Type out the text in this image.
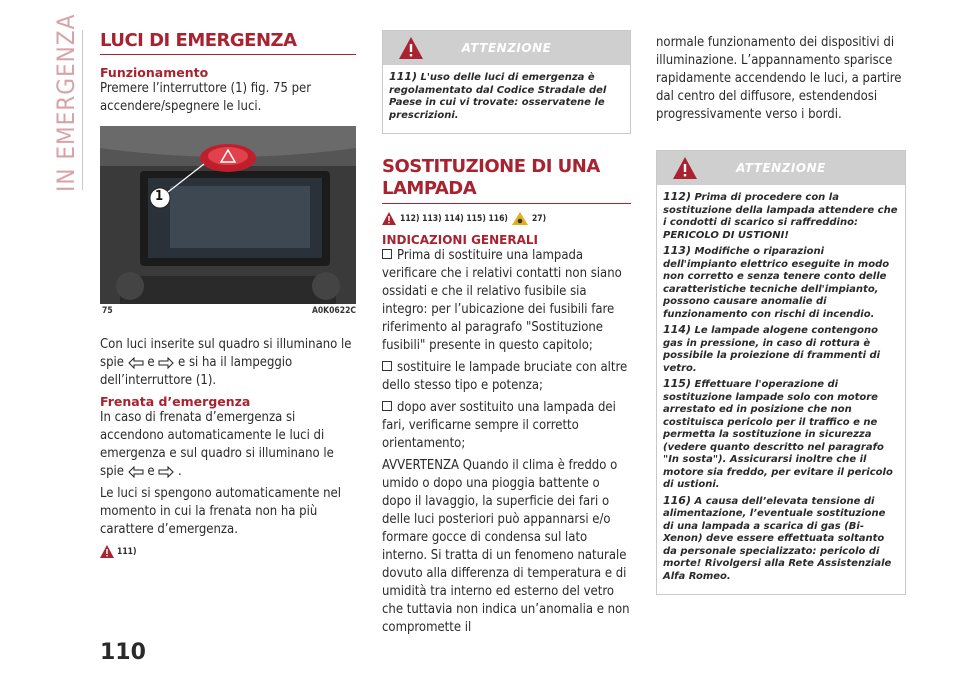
IN EMERGENZA LUCI DI EMERGENZA
Funzionamento

Premere l’interruttore (1) fig. 75 per accendere/spegnere le luci.

1
75	A0K0622C

Con luci inserite sul quadro si illuminano le spie e e si ha il lampeggio dell’interruttore (1).

Frenata d’emergenza

In caso di frenata d’emergenza si accendono automaticamente le luci di emergenza e sul quadro si illuminano le spie e .

Le luci si spengono automaticamente nel momento in cui la frenata non ha più carattere d’emergenza.

111)
ATTENZIONE

111) L'uso delle luci di emergenza è regolamentato dal Codice Stradale del Paese in cui vi trovate: osservatene le prescrizioni.

SOSTITUZIONE DI UNA
LAMPADA
112) 113) 114) 115) 116)	27)
INDICAZIONI GENERALI

Prima di sostituire una lampada verificare che i relativi contatti non siano ossidati e che il relativo fusibile sia integro: per l’ubicazione dei fusibili fare riferimento al paragrafo "Sostituzione fusibili" presente in questo capitolo;

sostituire le lampade bruciate con altre dello stesso tipo e potenza;

dopo aver sostituito una lampada dei fari, verificarne sempre il corretto orientamento;

AVVERTENZA Quando il clima è freddo o umido o dopo una pioggia battente o dopo il lavaggio, la superficie dei fari o delle luci posteriori può appannarsi e/o formare gocce di condensa sul lato interno. Si tratta di un fenomeno naturale dovuto alla differenza di temperatura e di umidità tra interno ed esterno del vetro che tuttavia non indica un’anomalia e non compromette il

normale funzionamento dei dispositivi di illuminazione. L’appannamento sparisce rapidamente accendendo le luci, a partire dal centro del diffusore, estendendosi progressivamente verso i bordi.

ATTENZIONE

112) Prima di procedere con la sostituzione della lampada attendere che i condotti di scarico si raffreddino: PERICOLO DI USTIONI!

113) Modifiche o riparazioni dell'impianto elettrico eseguite in modo non corretto e senza tenere conto delle caratteristiche tecniche dell'impianto, possono causare anomalie di funzionamento con rischi di incendio.

114) Le lampade alogene contengono gas in pressione, in caso di rottura è possibile la proiezione di frammenti di vetro.

115) Effettuare l'operazione di sostituzione lampade solo con motore arrestato ed in posizione che non costituisca pericolo per il traffico e ne permetta la sostituzione in sicurezza (vedere quanto descritto nel paragrafo "In sosta"). Assicurarsi inoltre che il motore sia freddo, per evitare il pericolo di ustioni.

116) A causa dell’elevata tensione di alimentazione, l’eventuale sostituzione di una lampada a scarica di gas (Bi-Xenon) deve essere effettuata soltanto da personale specializzato: pericolo di morte! Rivolgersi alla Rete Assistenziale Alfa Romeo.

110
